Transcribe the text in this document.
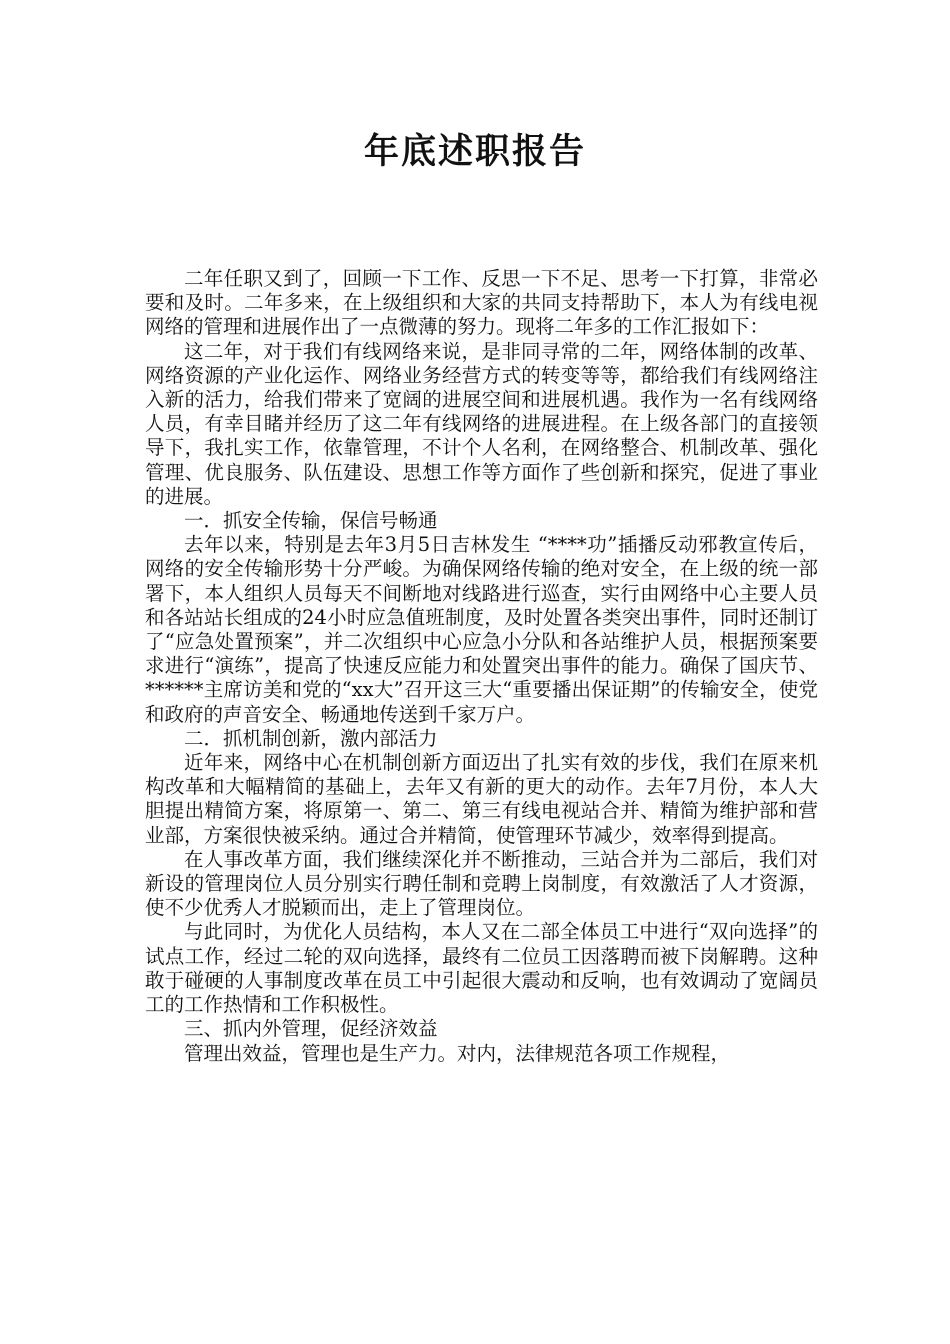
年底述职报告

二年任职又到了，回顾一下工作、反思一下不足、思考一下打算，非常必要和及时。二年多来，在上级组织和大家的共同支持帮助下，本人为有线电视网络的管理和进展作出了一点微薄的努力。现将二年多的工作汇报如下：

这二年，对于我们有线网络来说，是非同寻常的二年，网络体制的改革、网络资源的产业化运作、网络业务经营方式的转变等等，都给我们有线网络注入新的活力，给我们带来了宽阔的进展空间和进展机遇。我作为一名有线网络人员，有幸目睹并经历了这二年有线网络的进展进程。在上级各部门的直接领导下，我扎实工作，依靠管理，不计个人名利，在网络整合、机制改革、强化管理、优良服务、队伍建设、思想工作等方面作了些创新和探究，促进了事业的进展。

一．抓安全传输，保信号畅通

去年以来，特别是去年3月5日吉林发生 “****功”插播反动邪教宣传后，网络的安全传输形势十分严峻。为确保网络传输的绝对安全，在上级的统一部署下，本人组织人员每天不间断地对线路进行巡查，实行由网络中心主要人员和各站站长组成的24小时应急值班制度，及时处置各类突出事件，同时还制订了“应急处置预案”，并二次组织中心应急小分队和各站维护人员，根据预案要求进行“演练”，提高了快速反应能力和处置突出事件的能力。确保了国庆节、******主席访美和党的“xx大”召开这三大“重要播出保证期”的传输安全，使党和政府的声音安全、畅通地传送到千家万户。

二．抓机制创新，激内部活力

近年来，网络中心在机制创新方面迈出了扎实有效的步伐，我们在原来机构改革和大幅精简的基础上，去年又有新的更大的动作。去年7月份，本人大胆提出精简方案，将原第一、第二、第三有线电视站合并、精简为维护部和营业部，方案很快被采纳。通过合并精简，使管理环节减少，效率得到提高。

在人事改革方面，我们继续深化并不断推动，三站合并为二部后，我们对新设的管理岗位人员分别实行聘任制和竞聘上岗制度，有效激活了人才资源，使不少优秀人才脱颖而出，走上了管理岗位。

与此同时，为优化人员结构，本人又在二部全体员工中进行“双向选择”的试点工作，经过二轮的双向选择，最终有二位员工因落聘而被下岗解聘。这种敢于碰硬的人事制度改革在员工中引起很大震动和反响，也有效调动了宽阔员工的工作热情和工作积极性。

三、抓内外管理，促经济效益

管理出效益，管理也是生产力。对内，法律规范各项工作规程，
